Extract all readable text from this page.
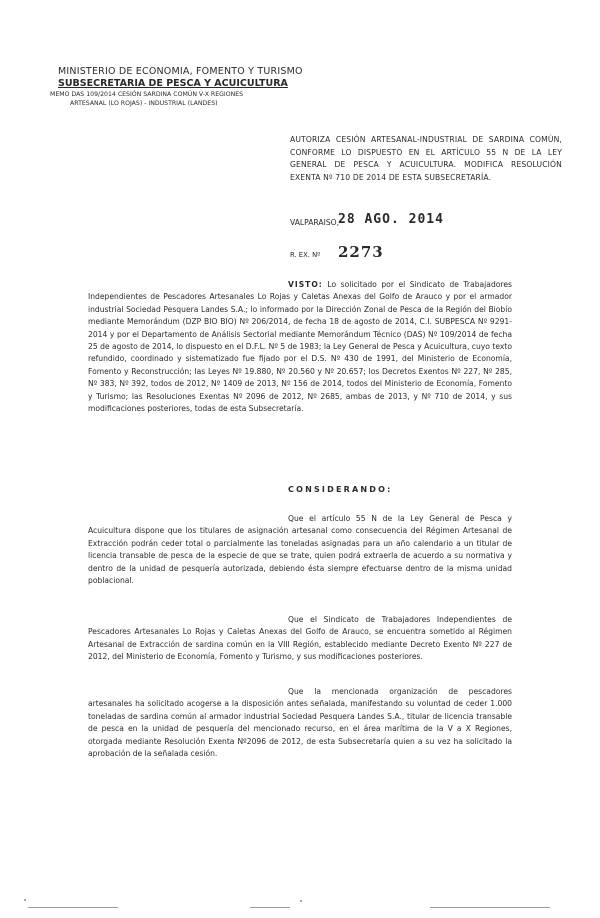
MINISTERIO DE ECONOMIA, FOMENTO Y TURISMO
SUBSECRETARIA DE PESCA Y ACUICULTURA
MEMO DAS 109/2014 CESIÓN SARDINA COMÚN V-X REGIONES
ARTESANAL (LO ROJAS) - INDUSTRIAL (LANDES)
AUTORIZA CESIÓN ARTESANAL-INDUSTRIAL DE SARDINA COMÚN, CONFORME LO DISPUESTO EN EL ARTÍCULO 55 N DE LA LEY GENERAL DE PESCA Y ACUICULTURA. MODIFICA RESOLUCIÓN EXENTA Nº 710 DE 2014 DE ESTA SUBSECRETARÍA.
VALPARAISO,
28 AGO. 2014
R. EX. Nº 2273
VISTO: Lo solicitado por el Sindicato de Trabajadores Independientes de Pescadores Artesanales Lo Rojas y Caletas Anexas del Golfo de Arauco y por el armador industrial Sociedad Pesquera Landes S.A.; lo informado por la Dirección Zonal de Pesca de la Región del Biobío mediante Memorándum (DZP BIO BIO) Nº 206/2014, de fecha 18 de agosto de 2014, C.I. SUBPESCA Nº 9291-2014 y por el Departamento de Análisis Sectorial mediante Memorándum Técnico (DAS) Nº 109/2014 de fecha 25 de agosto de 2014, lo dispuesto en el D.F.L. Nº 5 de 1983; la Ley General de Pesca y Acuicultura, cuyo texto refundido, coordinado y sistematizado fue fijado por el D.S. Nº 430 de 1991, del Ministerio de Economía, Fomento y Reconstrucción; las Leyes Nº 19.880, Nº 20.560 y Nº 20.657; los Decretos Exentos Nº 227, Nº 285, Nº 383, Nº 392, todos de 2012, Nº 1409 de 2013, Nº 156 de 2014, todos del Ministerio de Economía, Fomento y Turismo; las Resoluciones Exentas Nº 2096 de 2012, Nº 2685, ambas de 2013, y Nº 710 de 2014, y sus modificaciones posteriores, todas de esta Subsecretaría.
CONSIDERANDO:
Que el artículo 55 N de la Ley General de Pesca y Acuicultura dispone que los titulares de asignación artesanal como consecuencia del Régimen Artesanal de Extracción podrán ceder total o parcialmente las toneladas asignadas para un año calendario a un titular de licencia transable de pesca de la especie de que se trate, quien podrá extraerla de acuerdo a su normativa y dentro de la unidad de pesquería autorizada, debiendo ésta siempre efectuarse dentro de la misma unidad poblacional.
Que el Sindicato de Trabajadores Independientes de Pescadores Artesanales Lo Rojas y Caletas Anexas del Golfo de Arauco, se encuentra sometido al Régimen Artesanal de Extracción de sardina común en la VIII Región, establecido mediante Decreto Exento Nº 227 de 2012, del Ministerio de Economía, Fomento y Turismo, y sus modificaciones posteriores.
Que la mencionada organización de pescadores artesanales ha solicitado acogerse a la disposición antes señalada, manifestando su voluntad de ceder 1.000 toneladas de sardina común al armador industrial Sociedad Pesquera Landes S.A., titular de licencia transable de pesca en la unidad de pesquería del mencionado recurso, en el área marítima de la V a X Regiones, otorgada mediante Resolución Exenta Nº2096 de 2012, de esta Subsecretaría quien a su vez ha solicitado la aprobación de la señalada cesión.
